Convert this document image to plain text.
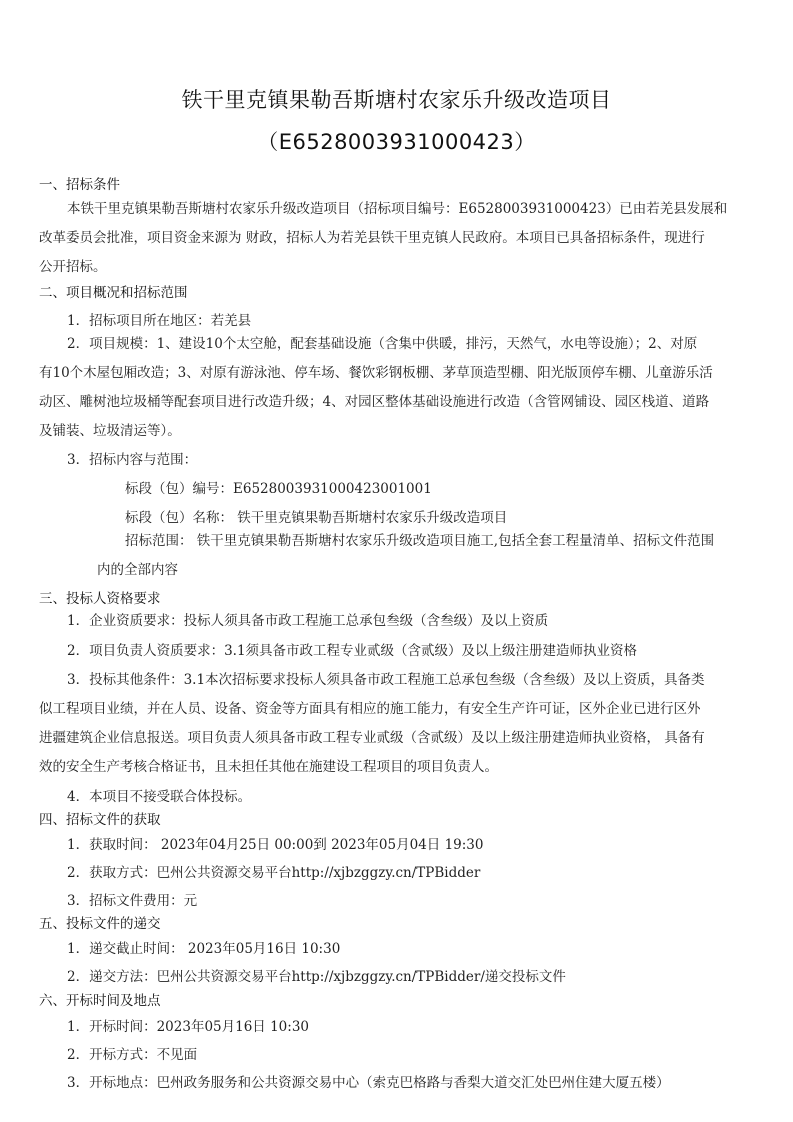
铁干里克镇果勒吾斯塘村农家乐升级改造项目
（E6528003931000423）
一、招标条件

本铁干里克镇果勒吾斯塘村农家乐升级改造项目（招标项目编号：E6528003931000423）已由若羌县发展和

改革委员会批准，项目资金来源为 财政，招标人为若羌县铁干里克镇人民政府。本项目已具备招标条件，现进行

公开招标。

二、项目概况和招标范围
1．招标项目所在地区：若羌县

2．项目规模：1、建设10个太空舱，配套基础设施（含集中供暖，排污，天然气，水电等设施）；2、对原

有10个木屋包厢改造；3、对原有游泳池、停车场、餐饮彩钢板棚、茅草顶造型棚、阳光版顶停车棚、儿童游乐活

动区、雕树池垃圾桶等配套项目进行改造升级；4、对园区整体基础设施进行改造（含管网铺设、园区栈道、道路

及铺装、垃圾清运等）。

3．招标内容与范围：
标段（包）编号：E6528003931000423001001
标段（包）名称： 铁干里克镇果勒吾斯塘村农家乐升级改造项目

招标范围： 铁干里克镇果勒吾斯塘村农家乐升级改造项目施工,包括全套工程量清单、招标文件范围

内的全部内容

三、投标人资格要求
1．企业资质要求：投标人须具备市政工程施工总承包叁级（含叁级）及以上资质
2．项目负责人资质要求：3.1须具备市政工程专业贰级（含贰级）及以上级注册建造师执业资格

3．投标其他条件：3.1本次招标要求投标人须具备市政工程施工总承包叁级（含叁级）及以上资质，具备类

似工程项目业绩，并在人员、设备、资金等方面具有相应的施工能力，有安全生产许可证，区外企业已进行区外

进疆建筑企业信息报送。项目负责人须具备市政工程专业贰级（含贰级）及以上级注册建造师执业资格， 具备有

效的安全生产考核合格证书，且未担任其他在施建设工程项目的项目负责人。

4．本项目不接受联合体投标。
四、招标文件的获取
1．获取时间： 2023年04月25日 00:00到 2023年05月04日 19:30
2．获取方式：巴州公共资源交易平台http://xjbzggzy.cn/TPBidder
3．招标文件费用：元
五、投标文件的递交
1．递交截止时间： 2023年05月16日 10:30
2．递交方法：巴州公共资源交易平台http://xjbzggzy.cn/TPBidder/递交投标文件
六、开标时间及地点
1．开标时间：2023年05月16日 10:30
2．开标方式：不见面
3．开标地点：巴州政务服务和公共资源交易中心（索克巴格路与香梨大道交汇处巴州住建大厦五楼）
